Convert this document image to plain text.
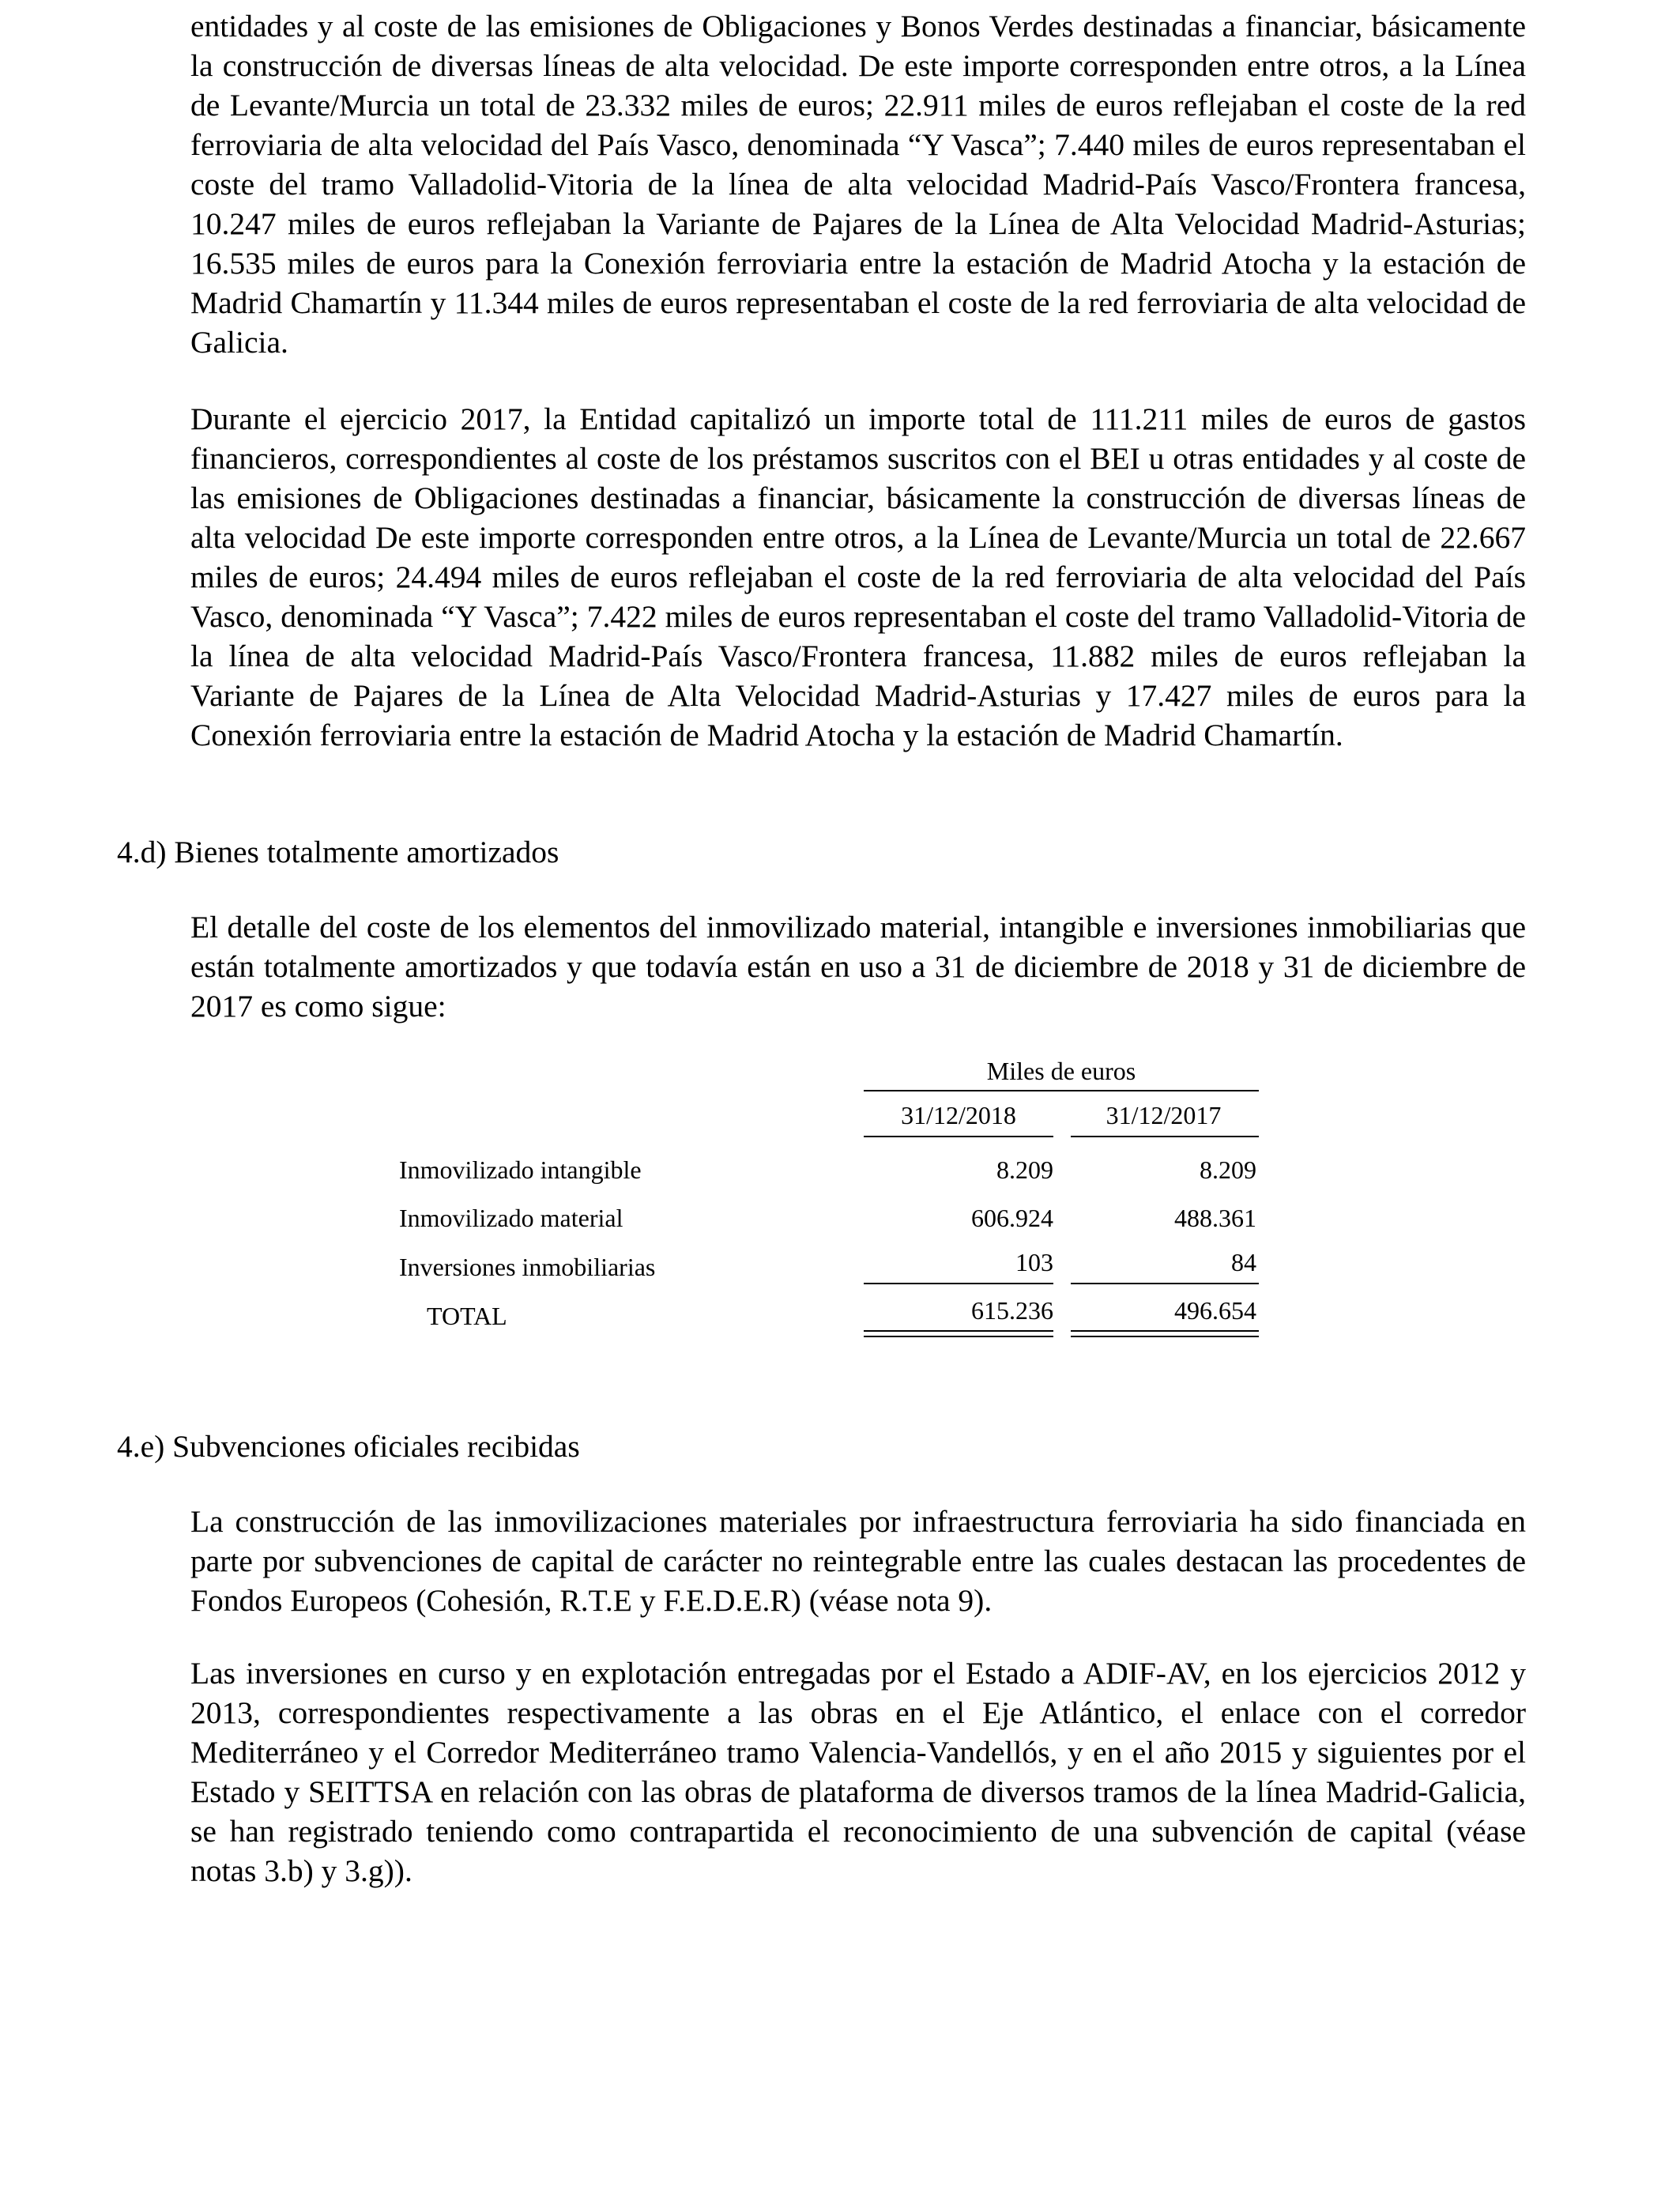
entidades y al coste de las emisiones de Obligaciones y Bonos Verdes destinadas a financiar, básicamente la construcción de diversas líneas de alta velocidad. De este importe corresponden entre otros, a la Línea de Levante/Murcia un total de 23.332 miles de euros; 22.911 miles de euros reflejaban el coste de la red ferroviaria de alta velocidad del País Vasco, denominada “Y Vasca”; 7.440 miles de euros representaban el coste del tramo Valladolid-Vitoria de la línea de alta velocidad Madrid-País Vasco/Frontera francesa, 10.247 miles de euros reflejaban la Variante de Pajares de la Línea de Alta Velocidad Madrid-Asturias; 16.535 miles de euros para la Conexión ferroviaria entre la estación de Madrid Atocha y la estación de Madrid Chamartín y 11.344 miles de euros representaban el coste de la red ferroviaria de alta velocidad de Galicia.

Durante el ejercicio 2017, la Entidad capitalizó un importe total de 111.211 miles de euros de gastos financieros, correspondientes al coste de los préstamos suscritos con el BEI u otras entidades y al coste de las emisiones de Obligaciones destinadas a financiar, básicamente la construcción de diversas líneas de alta velocidad De este importe corresponden entre otros, a la Línea de Levante/Murcia un total de 22.667 miles de euros; 24.494 miles de euros reflejaban el coste de la red ferroviaria de alta velocidad del País Vasco, denominada “Y Vasca”; 7.422 miles de euros representaban el coste del tramo Valladolid-Vitoria de la línea de alta velocidad Madrid-País Vasco/Frontera francesa, 11.882 miles de euros reflejaban la Variante de Pajares de la Línea de Alta Velocidad Madrid-Asturias y 17.427 miles de euros para la Conexión ferroviaria entre la estación de Madrid Atocha y la estación de Madrid Chamartín.

4.d) Bienes totalmente amortizados

El detalle del coste de los elementos del inmovilizado material, intangible e inversiones inmobiliarias que están totalmente amortizados y que todavía están en uso a 31 de diciembre de 2018 y 31 de diciembre de 2017 es como sigue:

Miles de euros
31/12/2018	31/12/2017
Inmovilizado intangible	8.209	8.209
Inmovilizado material	606.924	488.361
Inversiones inmobiliarias	103	84
TOTAL	615.236	496.654
4.e) Subvenciones oficiales recibidas

La construcción de las inmovilizaciones materiales por infraestructura ferroviaria ha sido financiada en parte por subvenciones de capital de carácter no reintegrable entre las cuales destacan las procedentes de Fondos Europeos (Cohesión, R.T.E y F.E.D.E.R) (véase nota 9).

Las inversiones en curso y en explotación entregadas por el Estado a ADIF-AV, en los ejercicios 2012 y 2013, correspondientes respectivamente a las obras en el Eje Atlántico, el enlace con el corredor Mediterráneo y el Corredor Mediterráneo tramo Valencia-Vandellós, y en el año 2015 y siguientes por el Estado y SEITTSA en relación con las obras de plataforma de diversos tramos de la línea Madrid-Galicia, se han registrado teniendo como contrapartida el reconocimiento de una subvención de capital (véase notas 3.b) y 3.g)).
